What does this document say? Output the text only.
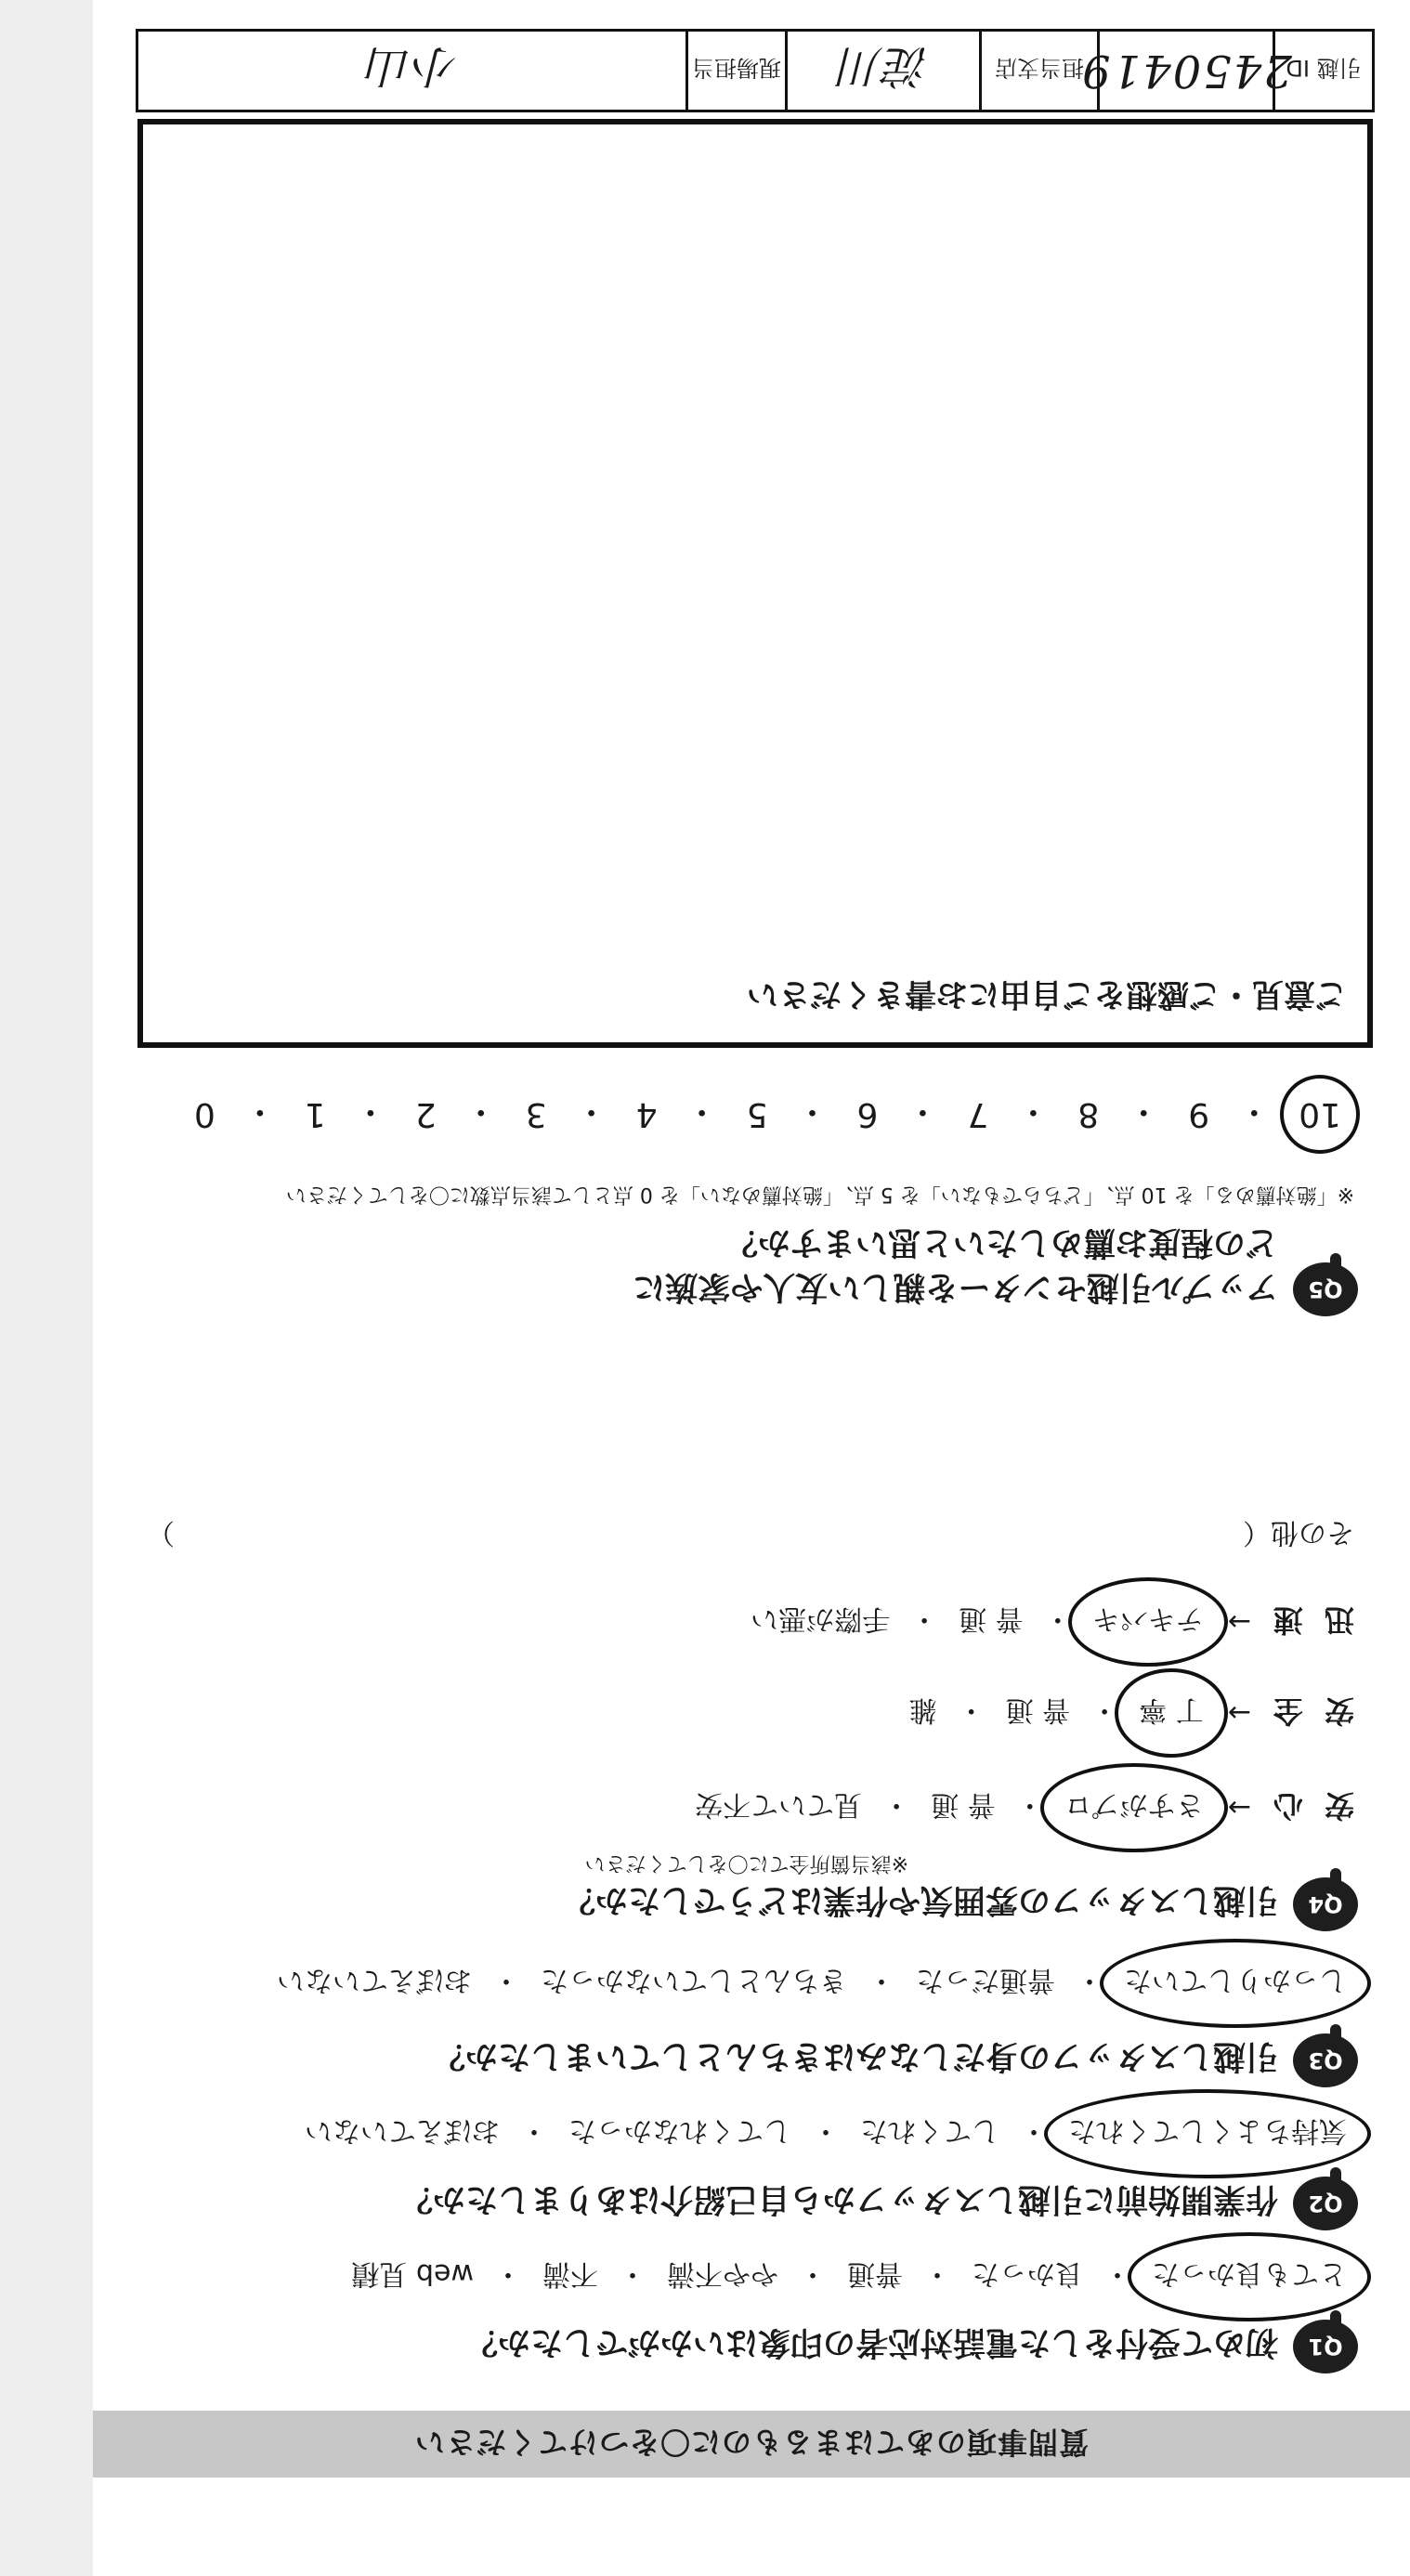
質問事項のあてはまるものに〇をつけてください
Q1
初めて受付をした電話対応者の印象はいかがでしたか？
とても良かった
・
良かった
・
普通
・
やや不満
・
不満
・
web 見積
Q2
作業開始前に引越しスタッフから自己紹介はありましたか？
気持ちよくしてくれた
・
してくれた
・
してくれなかった
・
おぼえていない
Q3
引越しスタッフの身だしなみはきちんとしていましたか？
しっかりしていた
・
普通だった
・
きちんとしていなかった
・
おぼえていない
Q4
引越しスタッフの雰囲気や作業はどうでしたか？
※該当箇所全てに〇をしてください
安 心
→
さすがプロ
・
普 通
・
見ていて不安
安 全
→
丁 寧
・
普 通
・
雑
迅 速
→
テキパキ
・
普 通
・
手際が悪い
その他（
）
Q5
アップル引越センターを親しい友人や家族に
どの程度お薦めしたいと思いますか？
※「絶対薦める」を 10 点、「どちらでもない」を 5 点、「絶対薦めない」を 0 点として該当点数に〇をしてください
10
・
9
・
8
・
7
・
6
・
5
・
4
・
3
・
2
・
1
・
0
ご意見・ご感想をご自由にお書きください
引越 ID
2450419
担当支店
淀川
現場担当
小山
